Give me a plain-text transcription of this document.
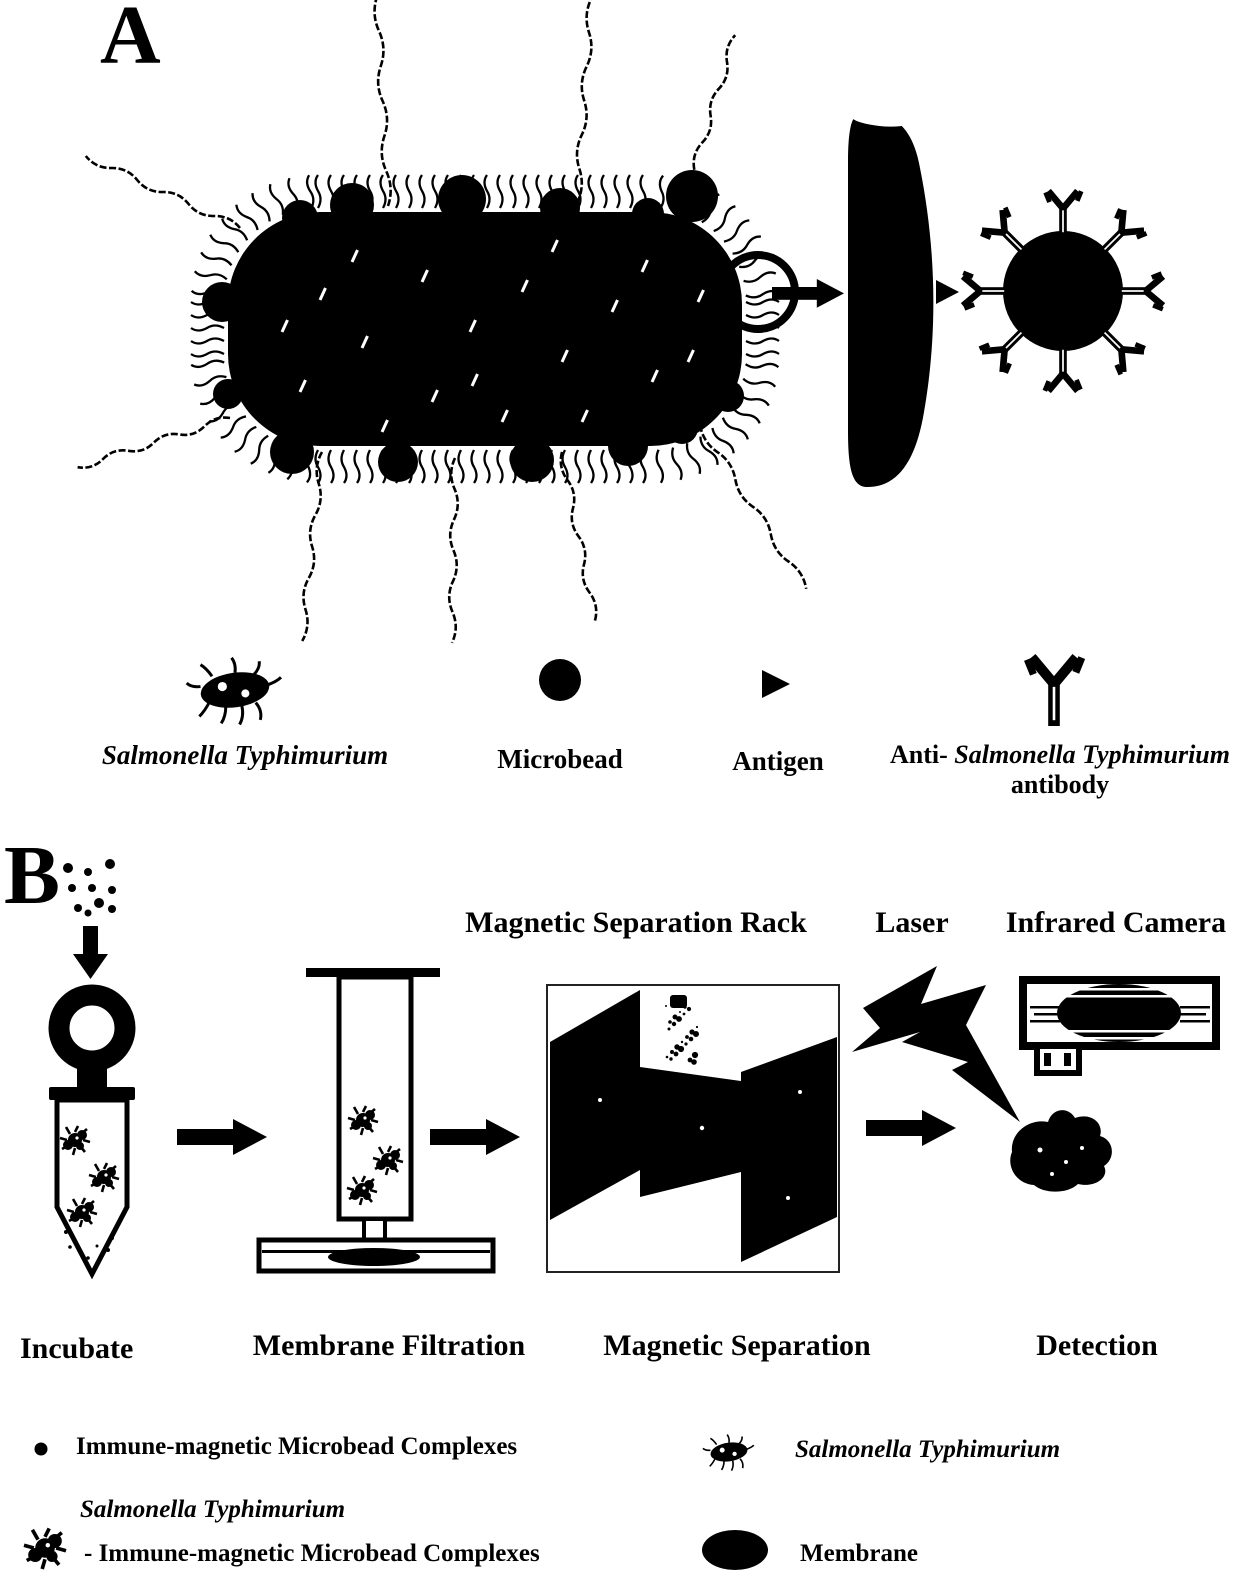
A
B
Salmonella Typhimurium	Microbead	Antigen	Anti- Salmonella Typhimurium
antibody
Magnetic Separation Rack	Laser	Infrared Camera
Incubate	Membrane Filtration	Magnetic Separation	Detection
Immune-magnetic Microbead Complexes
Salmonella Typhimurium
- Immune-magnetic Microbead Complexes
Salmonella Typhimurium
Membrane
